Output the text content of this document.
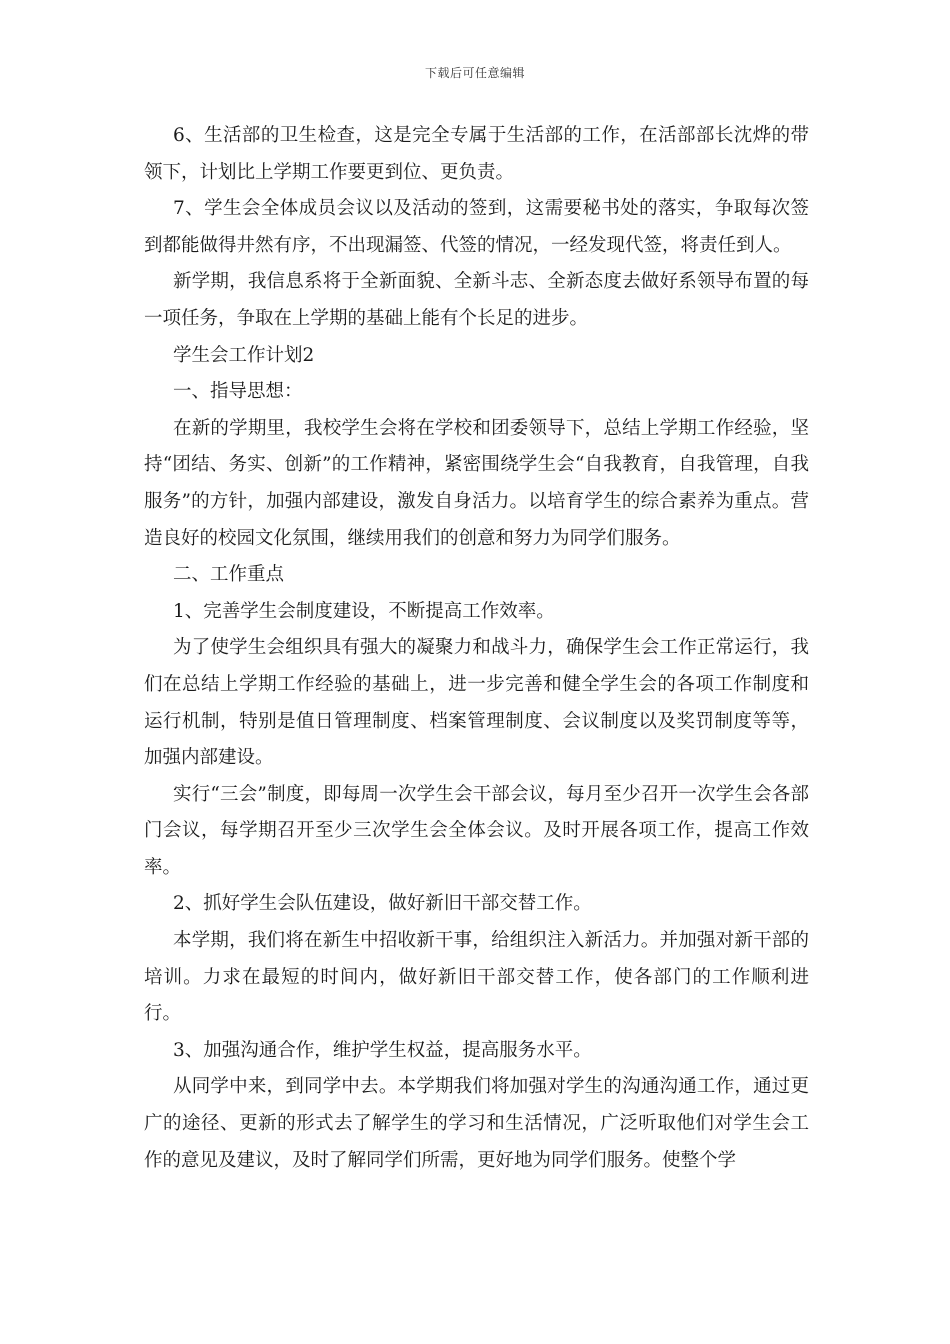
下载后可任意编辑

6、生活部的卫生检查，这是完全专属于生活部的工作，在活部部长沈烨的带领下，计划比上学期工作要更到位、更负责。

7、学生会全体成员会议以及活动的签到，这需要秘书处的落实，争取每次签到都能做得井然有序，不出现漏签、代签的情况，一经发现代签，将责任到人。

新学期，我信息系将于全新面貌、全新斗志、全新态度去做好系领导布置的每一项任务，争取在上学期的基础上能有个长足的进步。

学生会工作计划2

一、指导思想：

在新的学期里，我校学生会将在学校和团委领导下，总结上学期工作经验，坚持“团结、务实、创新”的工作精神，紧密围绕学生会“自我教育，自我管理，自我服务”的方针，加强内部建设，激发自身活力。以培育学生的综合素养为重点。营造良好的校园文化氛围，继续用我们的创意和努力为同学们服务。

二、工作重点

1、完善学生会制度建设，不断提高工作效率。

为了使学生会组织具有强大的凝聚力和战斗力，确保学生会工作正常运行，我们在总结上学期工作经验的基础上，进一步完善和健全学生会的各项工作制度和运行机制，特别是值日管理制度、档案管理制度、会议制度以及奖罚制度等等，加强内部建设。

实行“三会”制度，即每周一次学生会干部会议，每月至少召开一次学生会各部门会议，每学期召开至少三次学生会全体会议。及时开展各项工作，提高工作效率。

2、抓好学生会队伍建设，做好新旧干部交替工作。

本学期，我们将在新生中招收新干事，给组织注入新活力。并加强对新干部的培训。力求在最短的时间内，做好新旧干部交替工作，使各部门的工作顺利进行。

3、加强沟通合作，维护学生权益，提高服务水平。

从同学中来，到同学中去。本学期我们将加强对学生的沟通沟通工作，通过更广的途径、更新的形式去了解学生的学习和生活情况，广泛听取他们对学生会工作的意见及建议，及时了解同学们所需，更好地为同学们服务。使整个学
